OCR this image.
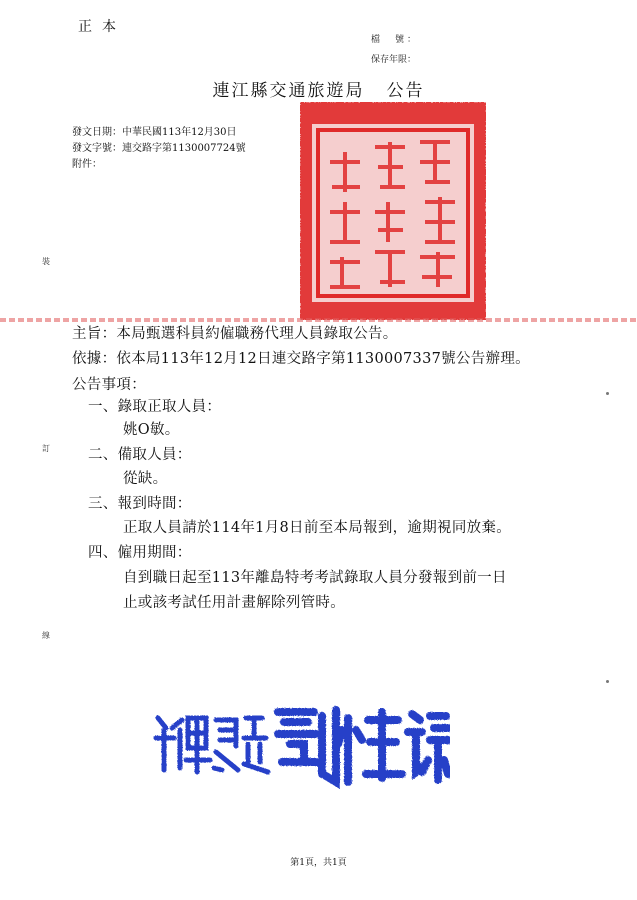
正本
檔　號：
保存年限：
連江縣交通旅遊局 公告
發文日期：中華民國113年12月30日
發文字號：連交路字第1130007724號
附件：
裝
訂
線
主旨：本局甄選科員約僱職務代理人員錄取公告。
依據：依本局113年12月12日連交路字第1130007337號公告辦理。
公告事項：
一、錄取正取人員：
姚O敏。
二、備取人員：
從缺。
三、報到時間：
正取人員請於114年1月8日前至本局報到，逾期視同放棄。
四、僱用期間：
自到職日起至113年離島特考考試錄取人員分發報到前一日
止或該考試任用計畫解除列管時。
第1頁，共1頁
